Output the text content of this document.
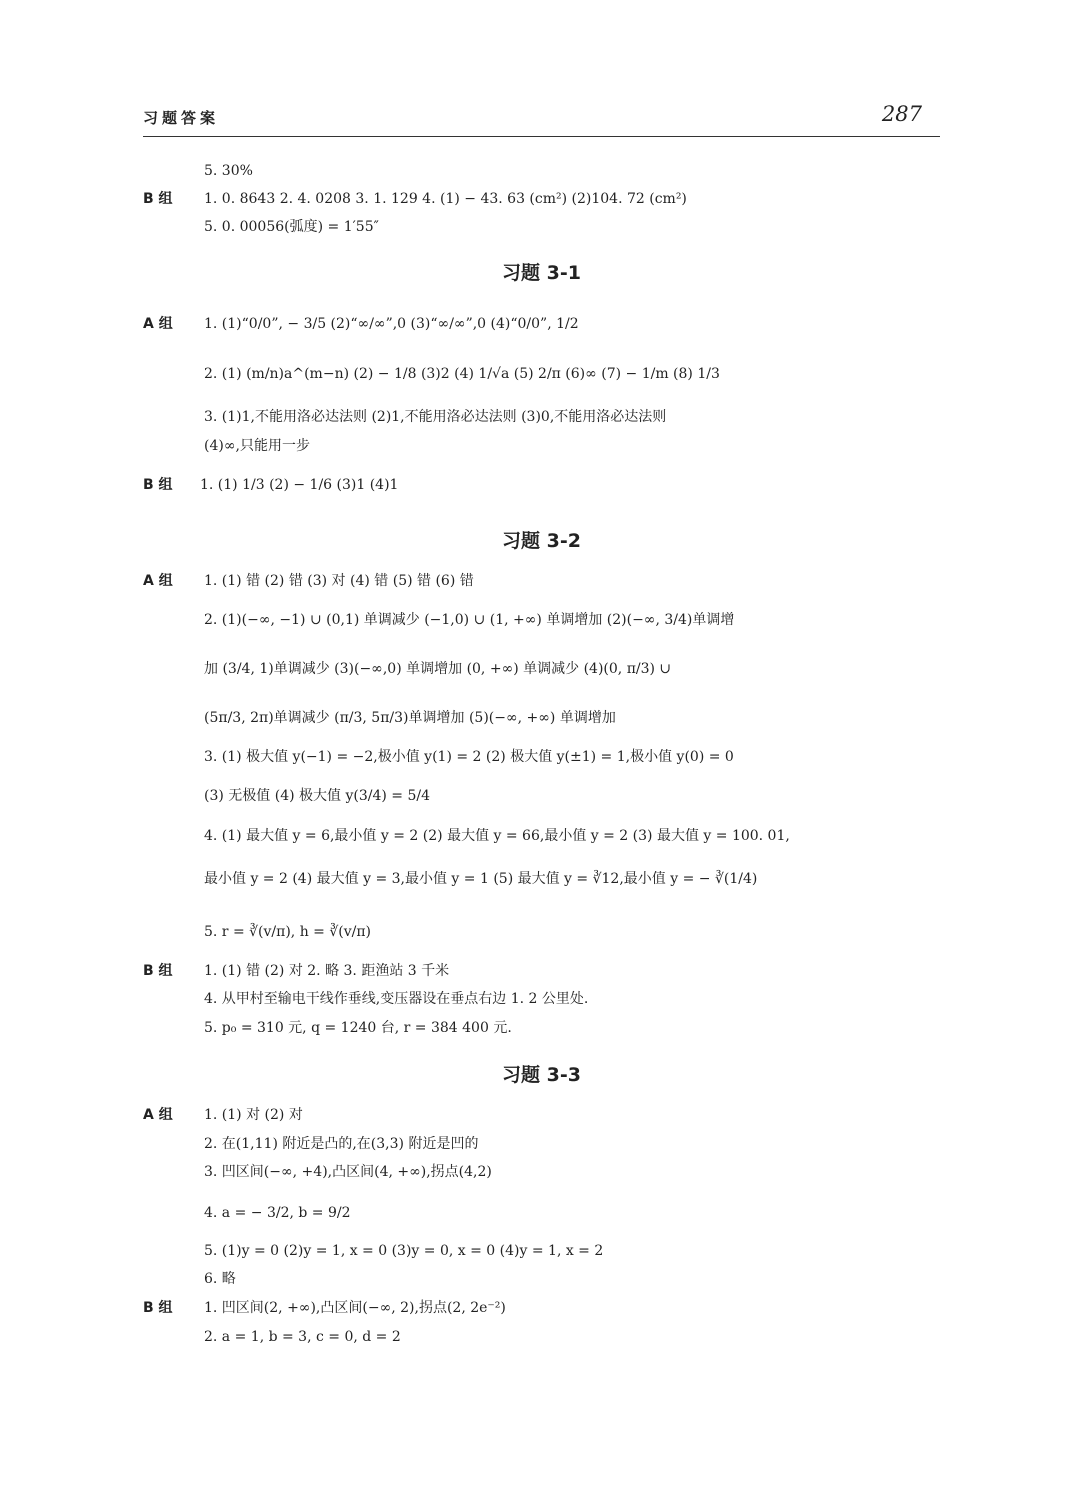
习题答案	287
5. 30%
B 组 1. 0. 8643 2. 4. 0208 3. 1. 129 4. (1) − 43. 63 (cm²) (2)104. 72 (cm²)
5. 0. 00056(弧度) = 1′55″
习题 3-1
A 组 1. (1)“0/0”, − 3/5 (2)“∞/∞”,0 (3)“∞/∞”,0 (4)“0/0”, 1/2
2. (1) (m/n)a^(m−n) (2) − 1/8 (3)2 (4) 1/√a (5) 2/π (6)∞ (7) − 1/m (8) 1/3
3. (1)1,不能用洛必达法则 (2)1,不能用洛必达法则 (3)0,不能用洛必达法则
(4)∞,只能用一步
B 组 1. (1) 1/3 (2) − 1/6 (3)1 (4)1
习题 3-2
A 组 1. (1) 错 (2) 错 (3) 对 (4) 错 (5) 错 (6) 错
2. (1)(−∞, −1) ∪ (0,1) 单调减少 (−1,0) ∪ (1, +∞) 单调增加 (2)(−∞, 3/4)单调增
加 (3/4, 1)单调减少 (3)(−∞,0) 单调增加 (0, +∞) 单调减少 (4)(0, π/3) ∪
(5π/3, 2π)单调减少 (π/3, 5π/3)单调增加 (5)(−∞, +∞) 单调增加
3. (1) 极大值 y(−1) = −2,极小值 y(1) = 2 (2) 极大值 y(±1) = 1,极小值 y(0) = 0
(3) 无极值 (4) 极大值 y(3/4) = 5/4
4. (1) 最大值 y = 6,最小值 y = 2 (2) 最大值 y = 66,最小值 y = 2 (3) 最大值 y = 100. 01,
最小值 y = 2 (4) 最大值 y = 3,最小值 y = 1 (5) 最大值 y = ∛12,最小值 y = − ∛(1/4)
5. r = ∛(v/π), h = ∛(v/π)
B 组 1. (1) 错 (2) 对 2. 略 3. 距渔站 3 千米
4. 从甲村至输电干线作垂线,变压器设在垂点右边 1. 2 公里处.
5. p₀ = 310 元, q = 1240 台, r = 384 400 元.
习题 3-3
A 组 1. (1) 对 (2) 对
2. 在(1,11) 附近是凸的,在(3,3) 附近是凹的
3. 凹区间(−∞, +4),凸区间(4, +∞),拐点(4,2)
4. a = − 3/2, b = 9/2
5. (1)y = 0 (2)y = 1, x = 0 (3)y = 0, x = 0 (4)y = 1, x = 2
6. 略
B 组 1. 凹区间(2, +∞),凸区间(−∞, 2),拐点(2, 2e⁻²)
2. a = 1, b = 3, c = 0, d = 2
